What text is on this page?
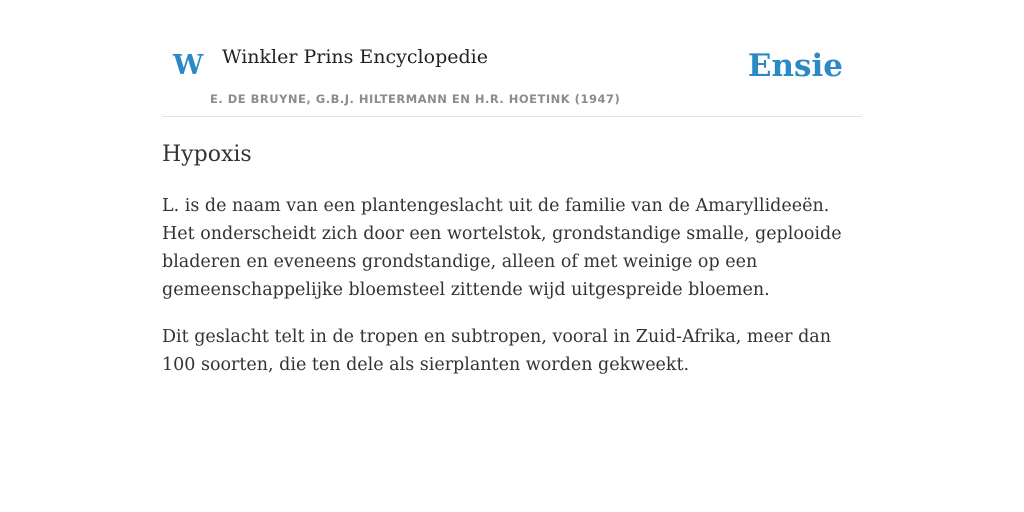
W Winkler Prins Encyclopedie
E. DE BRUYNE, G.B.J. HILTERMANN EN H.R. HOETINK (1947)
Ensie
Hypoxis

L. is de naam van een plantengeslacht uit de familie van de Amaryllideeën. Het onderscheidt zich door een wortelstok, grondstandige smalle, geplooide bladeren en eveneens grondstandige, alleen of met weinige op een gemeenschappelijke bloemsteel zittende wijd uitgespreide bloemen.

Dit geslacht telt in de tropen en subtropen, vooral in Zuid-Afrika, meer dan 100 soorten, die ten dele als sierplanten worden gekweekt.
